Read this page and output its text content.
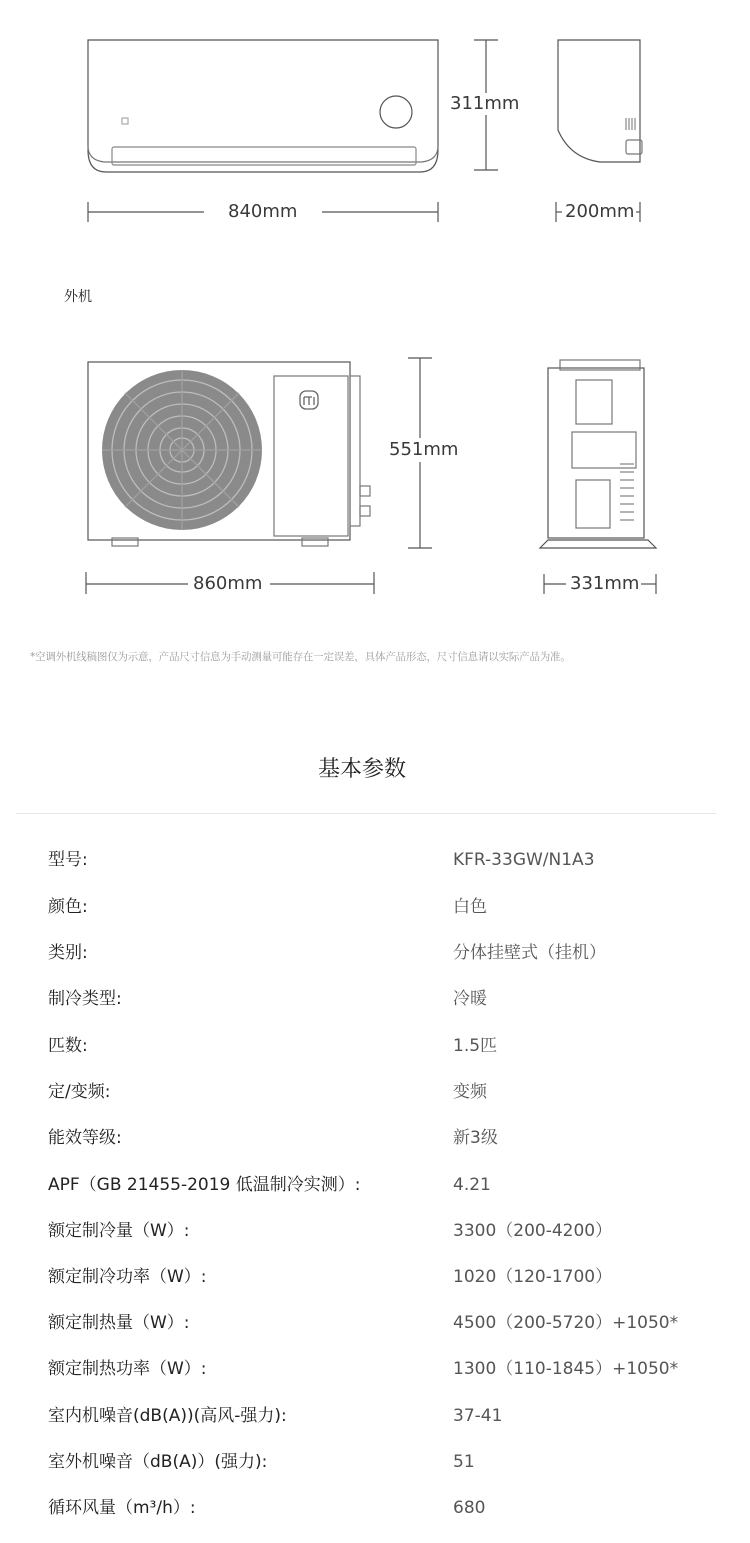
311mm
840mm	200mm
外机
551mm
860mm	331mm
*空调外机线稿图仅为示意，产品尺寸信息为手动测量可能存在一定误差，具体产品形态，尺寸信息请以实际产品为准。
基本参数
型号:	KFR-33GW/N1A3
颜色:	白色
类别:	分体挂壁式（挂机）
制冷类型:	冷暖
匹数:	1.5匹
定/变频:	变频
能效等级:	新3级
APF（GB 21455-2019 低温制冷实测）:	4.21
额定制冷量（W）:	3300（200-4200）
额定制冷功率（W）:	1020（120-1700）
额定制热量（W）:	4500（200-5720）+1050*
额定制热功率（W）:	1300（110-1845）+1050*
室内机噪音(dB(A))(高风-强力):	37-41
室外机噪音（dB(A)）(强力):	51
循环风量（m³/h）:	680
